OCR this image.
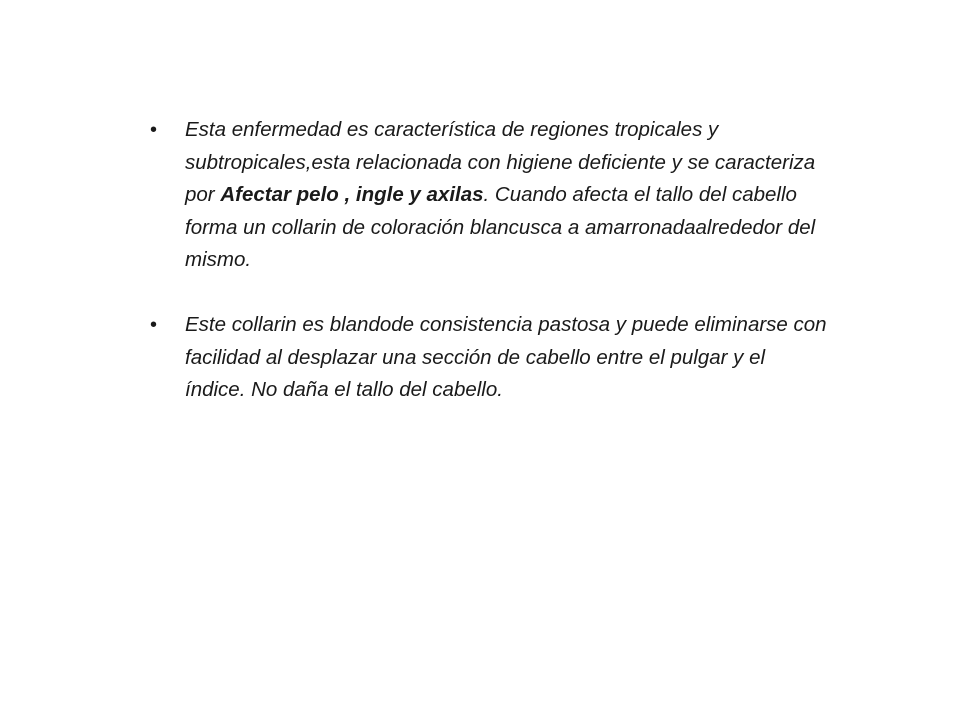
• Esta enfermedad es característica de regiones tropicales y subtropicales,esta relacionada con higiene deficiente y se caracteriza por Afectar pelo , ingle y axilas. Cuando afecta el tallo del cabello forma un collarin de coloración blancusca a amarronadaalrededor del mismo.
• Este collarin es blandode consistencia pastosa y puede eliminarse con facilidad al desplazar una sección de cabello entre el pulgar y el índice. No daña el tallo del cabello.
